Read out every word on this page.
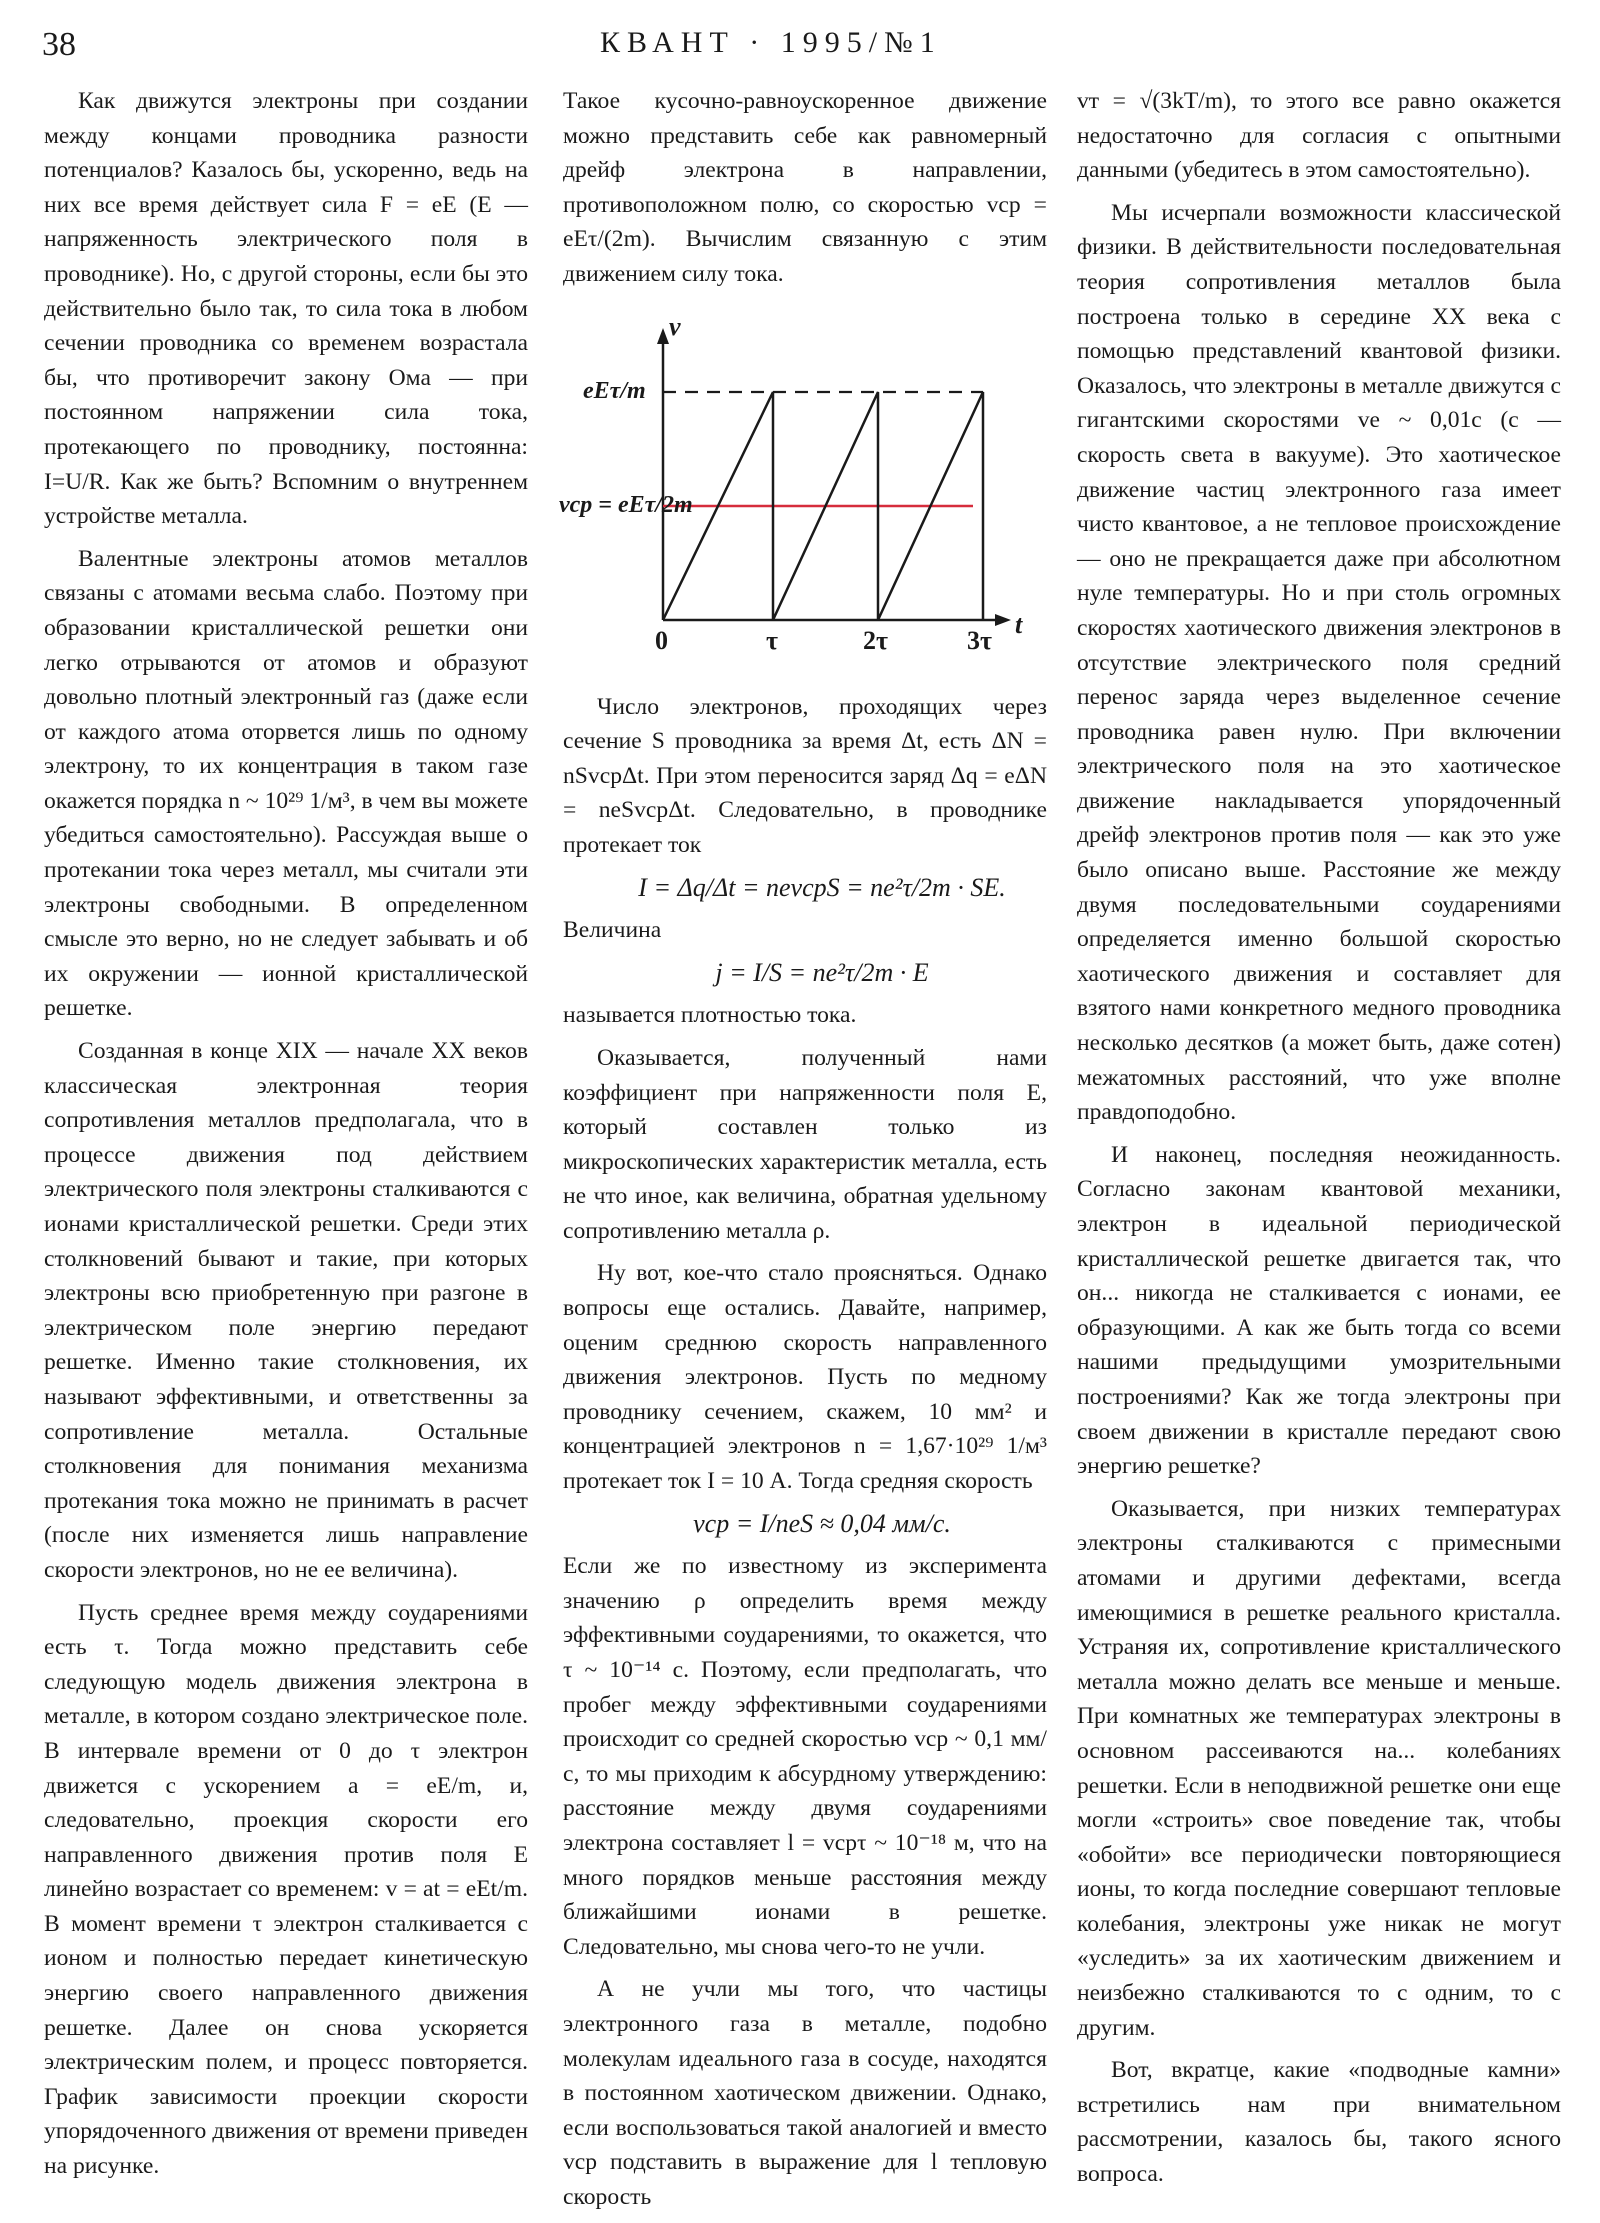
38	КВАНТ · 1995/№1

Как движутся электроны при создании между концами проводника разности потенциалов? Казалось бы, ускоренно, ведь на них все время действует сила F = eE (E — напряженность электрического поля в проводнике). Но, с другой стороны, если бы это действительно было так, то сила тока в любом сечении проводника со временем возрастала бы, что противоречит закону Ома — при постоянном напряжении сила тока, протекающего по проводнику, постоянна: I=U/R. Как же быть? Вспомним о внутреннем устройстве металла.

Валентные электроны атомов металлов связаны с атомами весьма слабо. Поэтому при образовании кристаллической решетки они легко отрываются от атомов и образуют довольно плотный электронный газ (даже если от каждого атома оторвется лишь по одному электрону, то их концентрация в таком газе окажется порядка n ~ 10²⁹ 1/м³, в чем вы можете убедиться самостоятельно). Рассуждая выше о протекании тока через металл, мы считали эти электроны свободными. В определенном смысле это верно, но не следует забывать и об их окружении — ионной кристаллической решетке.

Созданная в конце XIX — начале XX веков классическая электронная теория сопротивления металлов предполагала, что в процессе движения под действием электрического поля электроны сталкиваются с ионами кристаллической решетки. Среди этих столкновений бывают и такие, при которых электроны всю приобретенную при разгоне в электрическом поле энергию передают решетке. Именно такие столкновения, их называют эффективными, и ответственны за сопротивление металла. Остальные столкновения для понимания механизма протекания тока можно не принимать в расчет (после них изменяется лишь направление скорости электронов, но не ее величина).

Пусть среднее время между соударениями есть τ. Тогда можно представить себе следующую модель движения электрона в металле, в котором создано электрическое поле. В интервале времени от 0 до τ электрон движется с ускорением a = eE/m, и, следовательно, проекция скорости его направленного движения против поля E линейно возрастает со временем: v = at = eEt/m. В момент времени τ электрон сталкивается с ионом и полностью передает кинетическую энергию своего направленного движения решетке. Далее он снова ускоряется электрическим полем, и процесс повторяется. График зависимости проекции скорости упорядоченного движения от времени приведен на рисунке.

Такое кусочно-равноускоренное движение можно представить себе как равномерный дрейф электрона в направлении, противоположном полю, со скоростью vср = eEτ/(2m). Вычислим связанную с этим движением силу тока.

v
t
eEτ/m
vср = eEτ/2m
0	τ	2τ	3τ

Число электронов, проходящих через сечение S проводника за время Δt, есть ΔN = nSvсрΔt. При этом переносится заряд Δq = eΔN = neSvсрΔt. Следовательно, в проводнике протекает ток

I = Δq/Δt = nevсрS = ne²τ/2m · SE.

Величина

j = I/S = ne²τ/2m · E

называется плотностью тока.

Оказывается, полученный нами коэффициент при напряженности поля E, который составлен только из микроскопических характеристик металла, есть не что иное, как величина, обратная удельному сопротивлению металла ρ.

Ну вот, кое-что стало проясняться. Однако вопросы еще остались. Давайте, например, оценим среднюю скорость направленного движения электронов. Пусть по медному проводнику сечением, скажем, 10 мм² и концентрацией электронов n = 1,67·10²⁹ 1/м³ протекает ток I = 10 А. Тогда средняя скорость

vср = I/neS ≈ 0,04 мм/с.

Если же по известному из эксперимента значению ρ определить время между эффективными соударениями, то окажется, что τ ~ 10⁻¹⁴ с. Поэтому, если предполагать, что пробег между эффективными соударениями происходит со средней скоростью vср ~ 0,1 мм/с, то мы приходим к абсурдному утверждению: расстояние между двумя соударениями электрона составляет l = vсрτ ~ 10⁻¹⁸ м, что на много порядков меньше расстояния между ближайшими ионами в решетке. Следовательно, мы снова чего-то не учли.

А не учли мы того, что частицы электронного газа в металле, подобно молекулам идеального газа в сосуде, находятся в постоянном хаотическом движении. Однако, если воспользоваться такой аналогией и вместо vср подставить в выражение для l тепловую скорость

vт = √(3kT/m), то этого все равно окажется недостаточно для согласия с опытными данными (убедитесь в этом самостоятельно).

Мы исчерпали возможности классической физики. В действительности последовательная теория сопротивления металлов была построена только в середине XX века с помощью представлений квантовой физики. Оказалось, что электроны в металле движутся с гигантскими скоростями ve ~ 0,01c (c — скорость света в вакууме). Это хаотическое движение частиц электронного газа имеет чисто квантовое, а не тепловое происхождение — оно не прекращается даже при абсолютном нуле температуры. Но и при столь огромных скоростях хаотического движения электронов в отсутствие электрического поля средний перенос заряда через выделенное сечение проводника равен нулю. При включении электрического поля на это хаотическое движение накладывается упорядоченный дрейф электронов против поля — как это уже было описано выше. Расстояние же между двумя последовательными соударениями определяется именно большой скоростью хаотического движения и составляет для взятого нами конкретного медного проводника несколько десятков (а может быть, даже сотен) межатомных расстояний, что уже вполне правдоподобно.

И наконец, последняя неожиданность. Согласно законам квантовой механики, электрон в идеальной периодической кристаллической решетке двигается так, что он... никогда не сталкивается с ионами, ее образующими. А как же быть тогда со всеми нашими предыдущими умозрительными построениями? Как же тогда электроны при своем движении в кристалле передают свою энергию решетке?

Оказывается, при низких температурах электроны сталкиваются с примесными атомами и другими дефектами, всегда имеющимися в решетке реального кристалла. Устраняя их, сопротивление кристаллического металла можно делать все меньше и меньше. При комнатных же температурах электроны в основном рассеиваются на... колебаниях решетки. Если в неподвижной решетке они еще могли «строить» свое поведение так, чтобы «обойти» все периодически повторяющиеся ионы, то когда последние совершают тепловые колебания, электроны уже никак не могут «уследить» за их хаотическим движением и неизбежно сталкиваются то с одним, то с другим.

Вот, вкратце, какие «подводные камни» встретились нам при внимательном рассмотрении, казалось бы, такого ясного вопроса.
